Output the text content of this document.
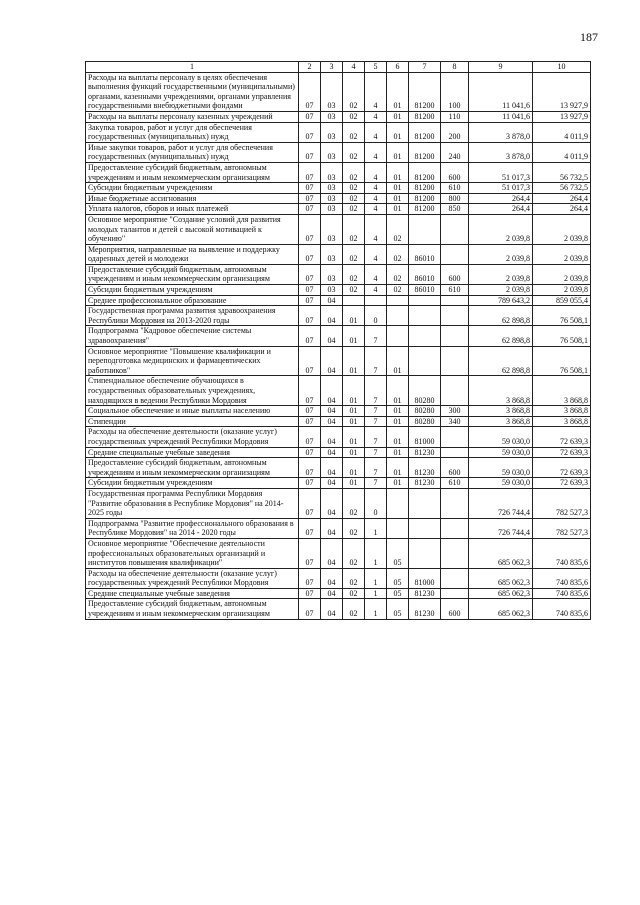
187
1	2	3	4	5	6	7	8	9	10
Расходы на выплаты персоналу в целях обеспечения выполнения функций государственными (муниципальными) органами, казенными учреждениями, органами управления государственными внебюджетными фондами	07	03	02	4	01	81200	100	11 041,6	13 927,9
Расходы на выплаты персоналу казенных учреждений	07	03	02	4	01	81200	110	11 041,6	13 927,9
Закупка товаров, работ и услуг для обеспечения государственных (муниципальных) нужд	07	03	02	4	01	81200	200	3 878,0	4 011,9
Иные закупки товаров, работ и услуг для обеспечения государственных (муниципальных) нужд	07	03	02	4	01	81200	240	3 878,0	4 011,9
Предоставление субсидий бюджетным, автономным учреждениям и иным некоммерческим организациям	07	03	02	4	01	81200	600	51 017,3	56 732,5
Субсидии бюджетным учреждениям	07	03	02	4	01	81200	610	51 017,3	56 732,5
Иные бюджетные ассигнования	07	03	02	4	01	81200	800	264,4	264,4
Уплата налогов, сборов и иных платежей	07	03	02	4	01	81200	850	264,4	264,4
Основное мероприятие "Создание условий для развития молодых талантов и детей с высокой мотивацией к обучению"	07	03	02	4	02			2 039,8	2 039,8
Мероприятия, направленные на выявление и поддержку одаренных детей и молодежи	07	03	02	4	02	86010		2 039,8	2 039,8
Предоставление субсидий бюджетным, автономным учреждениям и иным некоммерческим организациям	07	03	02	4	02	86010	600	2 039,8	2 039,8
Субсидии бюджетным учреждениям	07	03	02	4	02	86010	610	2 039,8	2 039,8
Среднее профессиональное образование	07	04						789 643,2	859 055,4
Государственная программа развития здравоохранения Республики Мордовия на 2013-2020 годы	07	04	01	0				62 898,8	76 508,1
Подпрограмма "Кадровое обеспечение системы здравоохранения"	07	04	01	7				62 898,8	76 508,1
Основное мероприятие "Повышение квалификации и переподготовка медицинских и фармацевтических работников"	07	04	01	7	01			62 898,8	76 508,1
Стипендиальное обеспечение обучающихся в государственных образовательных учреждениях, находящихся в ведении Республики Мордовия	07	04	01	7	01	80280		3 868,8	3 868,8
Социальное обеспечение и иные выплаты населению	07	04	01	7	01	80280	300	3 868,8	3 868,8
Стипендии	07	04	01	7	01	80280	340	3 868,8	3 868,8
Расходы на обеспечение деятельности (оказание услуг) государственных учреждений Республики Мордовия	07	04	01	7	01	81000		59 030,0	72 639,3
Средние специальные учебные заведения	07	04	01	7	01	81230		59 030,0	72 639,3
Предоставление субсидий бюджетным, автономным учреждениям и иным некоммерческим организациям	07	04	01	7	01	81230	600	59 030,0	72 639,3
Субсидии бюджетным учреждениям	07	04	01	7	01	81230	610	59 030,0	72 639,3
Государственная программа Республики Мордовия "Развитие образования в Республике Мордовия" на 2014-2025 годы	07	04	02	0				726 744,4	782 527,3
Подпрограмма "Развитие профессионального образования в Республике Мордовия" на 2014 - 2020 годы	07	04	02	1				726 744,4	782 527,3
Основное мероприятие "Обеспечение деятельности профессиональных образовательных организаций и институтов повышения квалификации"	07	04	02	1	05			685 062,3	740 835,6
Расходы на обеспечение деятельности (оказание услуг) государственных учреждений Республики Мордовия	07	04	02	1	05	81000		685 062,3	740 835,6
Средние специальные учебные заведения	07	04	02	1	05	81230		685 062,3	740 835,6
Предоставление субсидий бюджетным, автономным учреждениям и иным некоммерческим организациям	07	04	02	1	05	81230	600	685 062,3	740 835,6
